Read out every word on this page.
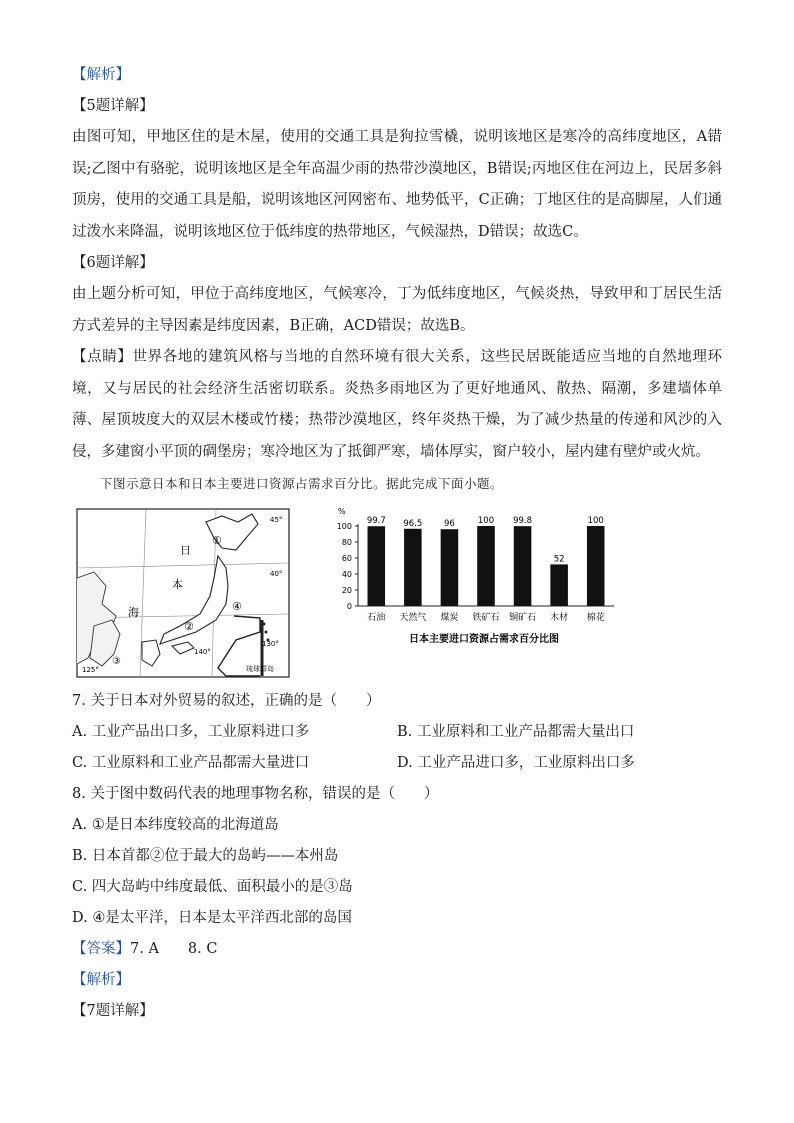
【解析】
【5题详解】
由图可知，甲地区住的是木屋，使用的交通工具是狗拉雪橇，说明该地区是寒冷的高纬度地区，A错误;乙图中有骆驼，说明该地区是全年高温少雨的热带沙漠地区，B错误;丙地区住在河边上，民居多斜顶房，使用的交通工具是船，说明该地区河网密布、地势低平，C正确；丁地区住的是高脚屋，人们通过泼水来降温，说明该地区位于低纬度的热带地区，气候湿热，D错误；故选C。
【6题详解】
由上题分析可知，甲位于高纬度地区，气候寒冷，丁为低纬度地区，气候炎热，导致甲和丁居民生活方式差异的主导因素是纬度因素，B正确，ACD错误；故选B。
【点睛】世界各地的建筑风格与当地的自然环境有很大关系，这些民居既能适应当地的自然地理环境，又与居民的社会经济生活密切联系。炎热多雨地区为了更好地通风、散热、隔潮，多建墙体单薄、屋顶坡度大的双层木楼或竹楼；热带沙漠地区，终年炎热干燥，为了减少热量的传递和风沙的入侵，多建窗小平顶的碉堡房；寒冷地区为了抵御严寒，墙体厚实，窗户较小，屋内建有壁炉或火炕。
下图示意日本和日本主要进口资源占需求百分比。据此完成下面小题。
日
本
海
①
②
③
④
45°
40°
140°
130°
125°	琉球群岛
%
0
20
40
60
80
100
99.7 96.5	96	100 99.8
52
100
石油 天然气 煤炭 铁矿石 铜矿石 木材 棉花
日本主要进口资源占需求百分比图
7. 关于日本对外贸易的叙述，正确的是（　　）
A. 工业产品出口多，工业原料进口多	B. 工业原料和工业产品都需大量出口
C. 工业原料和工业产品都需大量进口	D. 工业产品进口多，工业原料出口多
8. 关于图中数码代表的地理事物名称，错误的是（　　）
A. ①是日本纬度较高的北海道岛
B. 日本首都②位于最大的岛屿——本州岛
C. 四大岛屿中纬度最低、面积最小的是③岛
D. ④是太平洋，日本是太平洋西北部的岛国
【答案】7. A　　8. C
【解析】
【7题详解】
